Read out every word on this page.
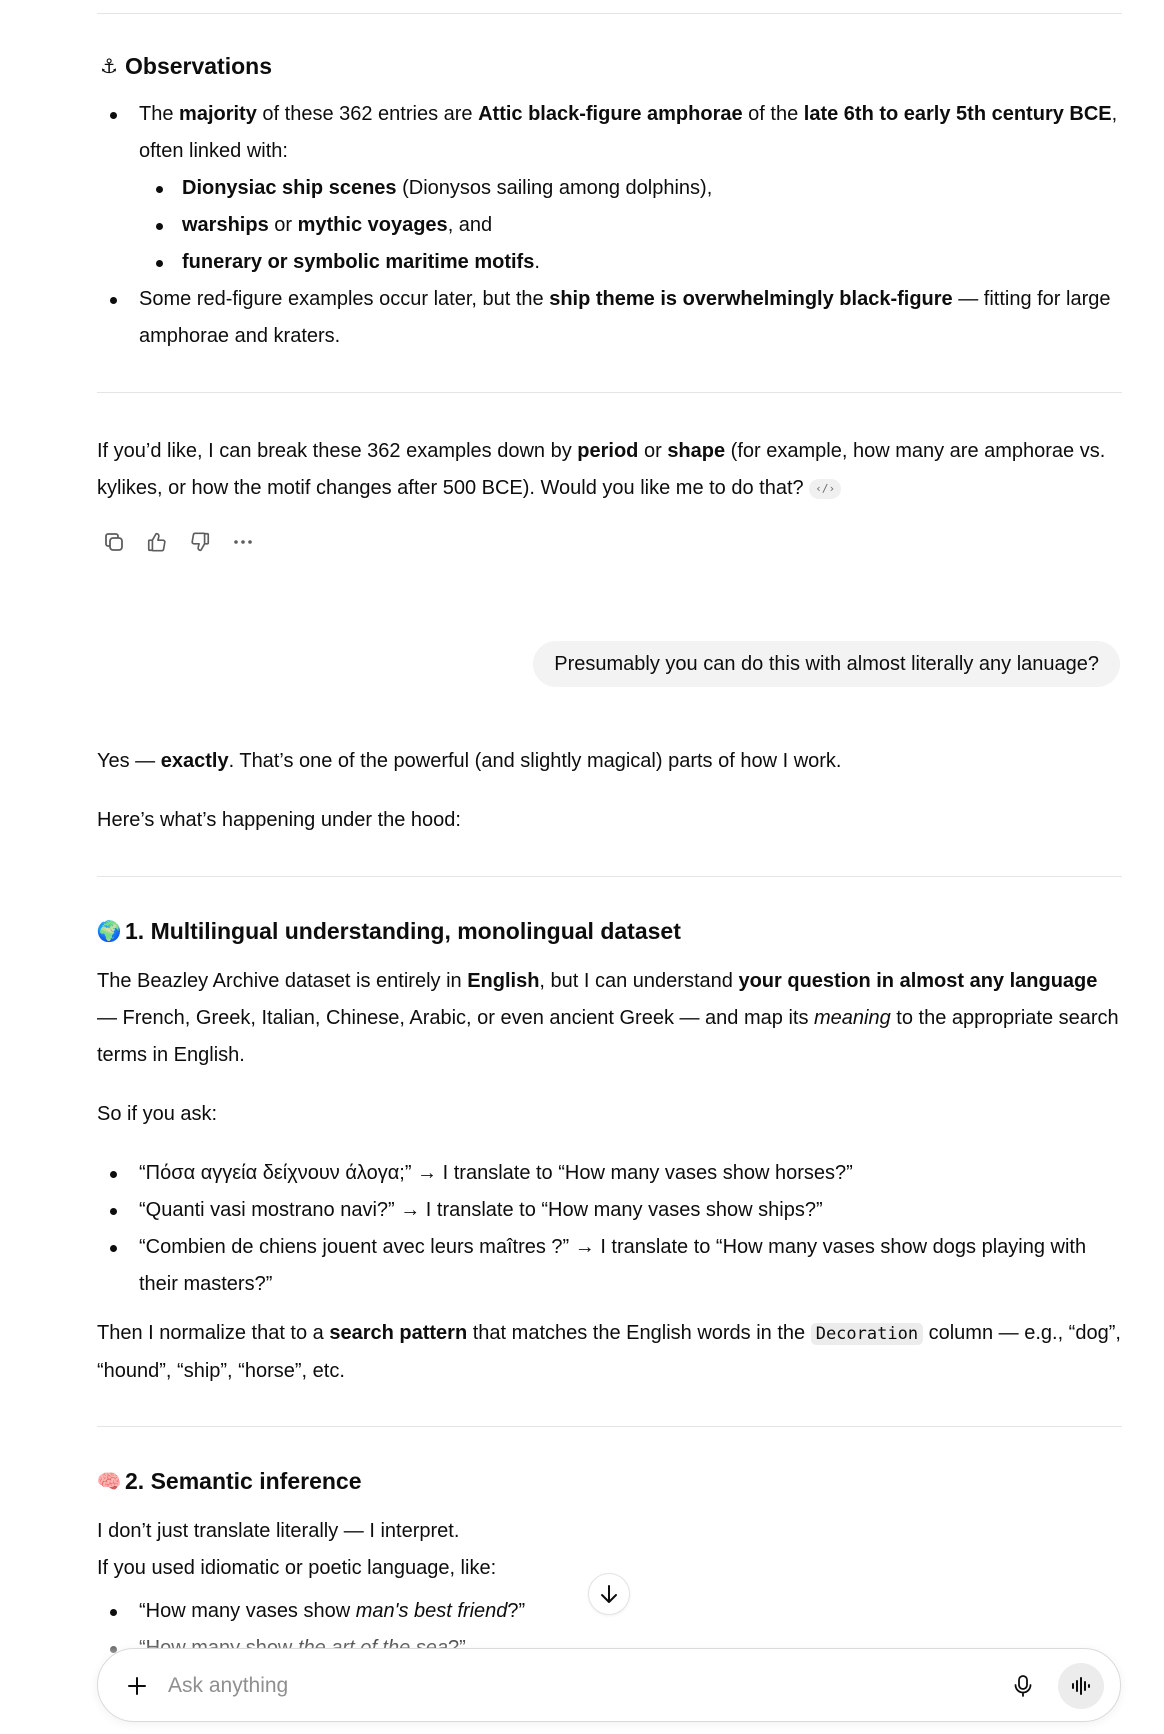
⚓ Observations
The majority of these 362 entries are Attic black-figure amphorae of the late 6th to early 5th century BCE, often linked with:
Dionysiac ship scenes (Dionysos sailing among dolphins),
warships or mythic voyages, and
funerary or symbolic maritime motifs.
Some red-figure examples occur later, but the ship theme is overwhelmingly black-figure — fitting for large amphorae and kraters.

If you’d like, I can break these 362 examples down by period or shape (for example, how many are amphorae vs. kylikes, or how the motif changes after 500 BCE). Would you like me to do that? ‹/›

Presumably you can do this with almost literally any lanuage?

Yes — exactly. That’s one of the powerful (and slightly magical) parts of how I work.

Here’s what’s happening under the hood:

🌍 1. Multilingual understanding, monolingual dataset

The Beazley Archive dataset is entirely in English, but I can understand your question in almost any language — French, Greek, Italian, Chinese, Arabic, or even ancient Greek — and map its meaning to the appropriate search terms in English.

So if you ask:

“Πόσα αγγεία δείχνουν άλογα;” → I translate to “How many vases show horses?”
“Quanti vasi mostrano navi?” → I translate to “How many vases show ships?”
“Combien de chiens jouent avec leurs maîtres ?” → I translate to “How many vases show dogs playing with their masters?”

Then I normalize that to a search pattern that matches the English words in the Decoration column — e.g., “dog”, “hound”, “ship”, “horse”, etc.

🧠 2. Semantic inference

I don’t just translate literally — I interpret.

If you used idiomatic or poetic language, like:

“How many vases show man's best friend?”
Ask anything
